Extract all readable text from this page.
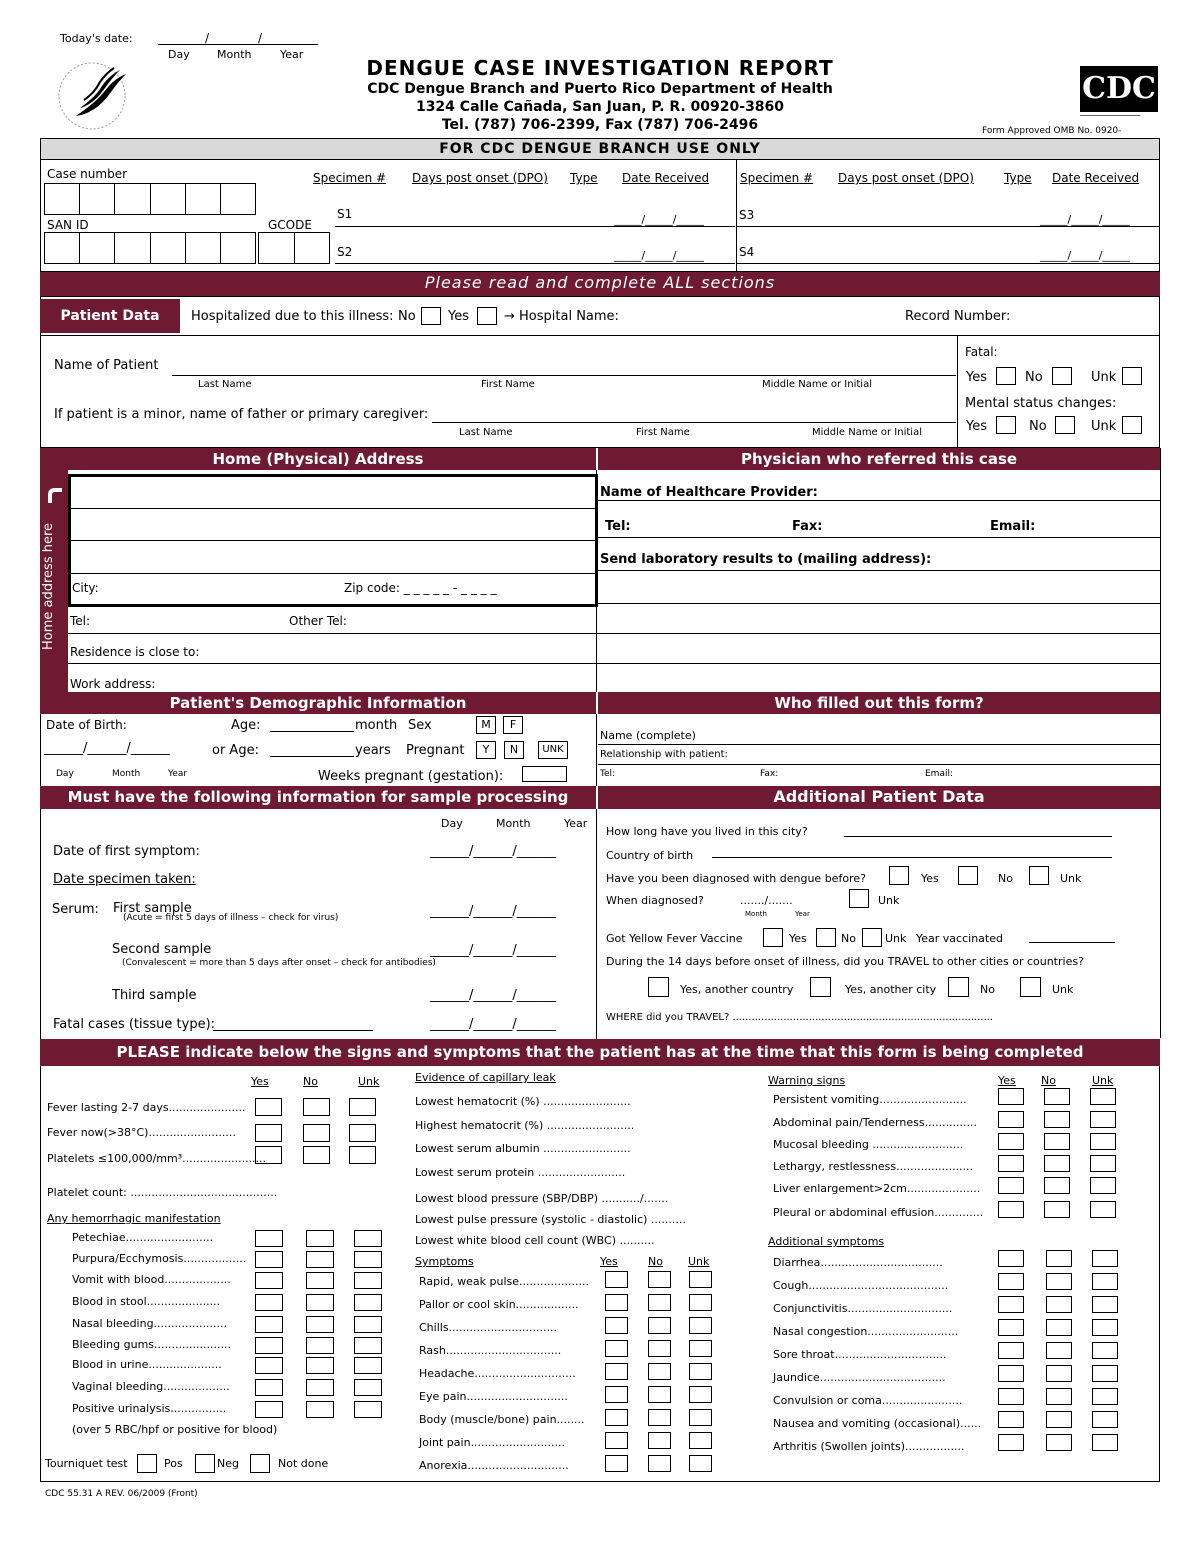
Today's date:	/	/
Day Month	Year
DENGUE CASE INVESTIGATION REPORT
CDC Dengue Branch and Puerto Rico Department of Health
1324 Calle Cañada, San Juan, P. R. 00920-3860
Tel. (787) 706-2399, Fax (787) 706-2496
CDC
━━━━━━━━━━━━━━━━━━━━
Form Approved OMB No. 0920-
FOR CDC DENGUE BRANCH USE ONLY
Case number
SAN ID	GCODE
Specimen # Days post onset (DPO) Type Date Received	Specimen # Days post onset (DPO)	Type Date Received
S1	_____/_____/_____
S2	_____/_____/_____
S3	_____/_____/_____
S4	_____/_____/_____
Please read and complete ALL sections
Patient Data	Hospitalized due to this illness: No Yes	→ Hospital Name:	Record Number:
Name of Patient
Last Name	First Name	Middle Name or Initial
If patient is a minor, name of father or primary caregiver:
Last Name	First Name	Middle Name or Initial
Fatal:
Yes	No	Unk
Mental status changes:
Yes	No	Unk
Home (Physical) Address	Physician who referred this case
Home address here City:	Zip code: _ _ _ _ _ - _ _ _ _
Tel:	Other Tel:
Residence is close to:
Work address:
Name of Healthcare Provider:
Tel:	Fax:	Email:
Send laboratory results to (mailing address):
Patient's Demographic Information	Who filled out this form?
Date of Birth:	Age:	month Sex	M	F
______/______/______	or Age:	years Pregnant	Y	N	UNK
Day	Month	Year	Weeks pregnant (gestation):
Name (complete)
Relationship with patient:
Tel:	Fax:	Email:
Must have the following information for sample processing	Additional Patient Data
Day	Month	Year
Date of first symptom:	______/______/______
Date specimen taken:
Serum: First sample
(Acute = first 5 days of illness – check for virus)	______/______/______
Second sample
(Convalescent = more than 5 days after onset – check for antibodies)
______/______/______
Third sample	______/______/______
Fatal cases (tissue type):	______/______/______
How long have you lived in this city?
Country of birth
Have you been diagnosed with dengue before?	Yes	No	Unk
When diagnosed?	......./.......
Month	Year
Unk
Got Yellow Fever Vaccine	Yes	No	Unk Year vaccinated
During the 14 days before onset of illness, did you TRAVEL to other cities or countries?
Yes, another country	Yes, another city	No	Unk
WHERE did you TRAVEL? ..................................................................................
PLEASE indicate below the signs and symptoms that the patient has at the time that this form is being completed
Yes	No	Unk
Fever lasting 2-7 days......................
Fever now(>38°C).........................
Platelets ≤100,000/mm³........................
Platelet count: ..........................................
Any hemorrhagic manifestation
Petechiae.........................
Purpura/Ecchymosis..................
Vomit with blood...................
Blood in stool.....................
Nasal bleeding.....................
Bleeding gums......................
Blood in urine.....................
Vaginal bleeding...................
Positive urinalysis................
(over 5 RBC/hpf or positive for blood)
Tourniquet test	Pos	Neg	Not done
Evidence of capillary leak
Lowest hematocrit (%) .........................
Highest hematocrit (%) .........................
Lowest serum albumin .........................
Lowest serum protein .........................
Lowest blood pressure (SBP/DBP) .........../.......
Lowest pulse pressure (systolic - diastolic) ..........
Lowest white blood cell count (WBC) ..........
Symptoms	Yes	No Unk
Rapid, weak pulse....................
Pallor or cool skin..................
Chills...............................
Rash.................................
Headache.............................
Eye pain.............................
Body (muscle/bone) pain........
Joint pain...........................
Anorexia.............................
Warning signs	Yes No	Unk
Persistent vomiting.........................
Abdominal pain/Tenderness...............
Mucosal bleeding ..........................
Lethargy, restlessness......................
Liver enlargement>2cm.....................
Pleural or abdominal effusion..............
Additional symptoms
Diarrhea...................................
Cough........................................
Conjunctivitis..............................
Nasal congestion..........................
Sore throat................................
Jaundice....................................
Convulsion or coma.......................
Nausea and vomiting (occasional)......
Arthritis (Swollen joints).................
CDC 55.31 A REV. 06/2009 (Front)
